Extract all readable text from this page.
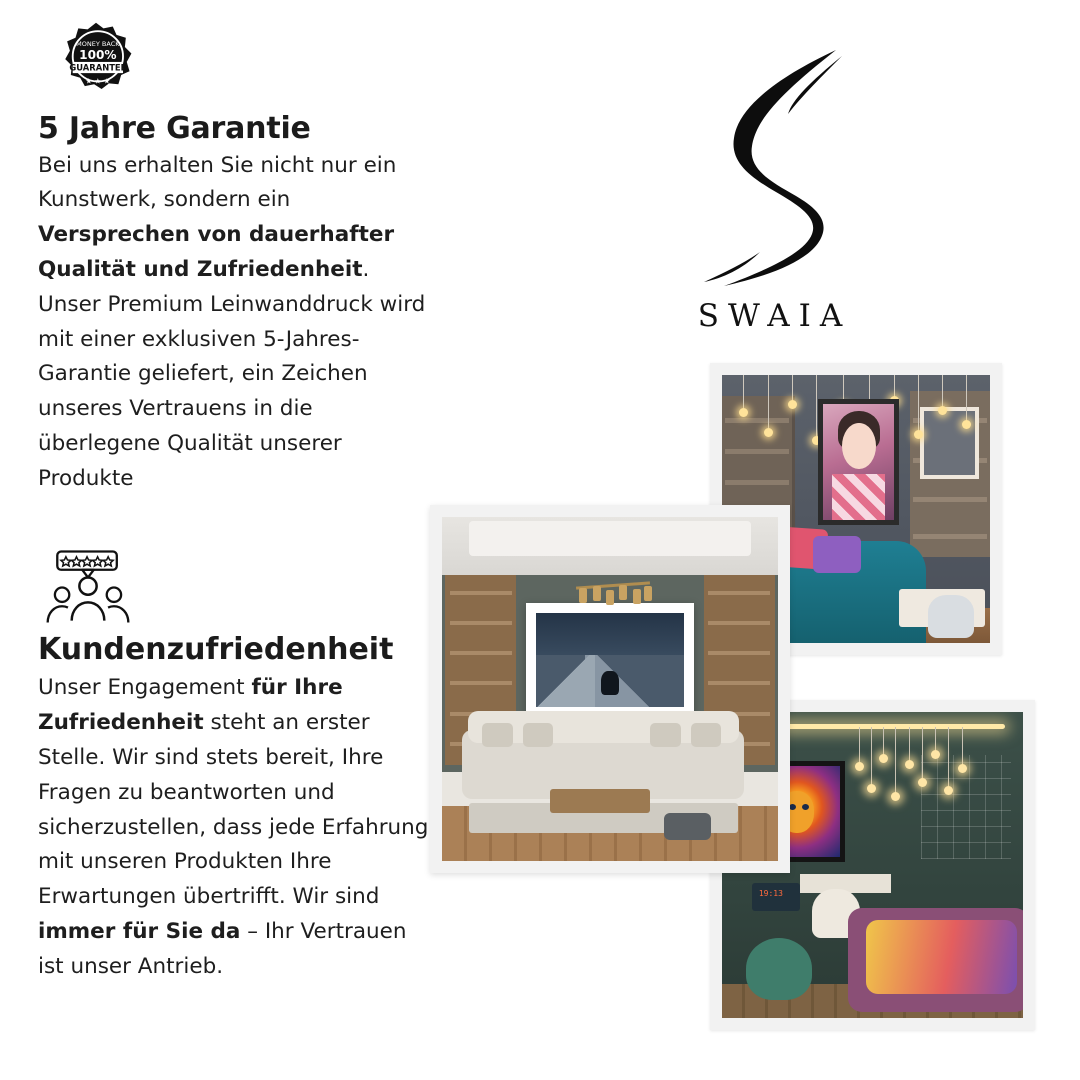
MONEY BACK
100%
GUARANTEE
★ ★ ★
5 Jahre Garantie

Bei uns erhalten Sie nicht nur ein Kunstwerk, sondern ein Versprechen von dauerhafter Qualität und Zufriedenheit. Unser Premium Leinwanddruck wird mit einer exklusiven 5-Jahres-Garantie geliefert, ein Zeichen unseres Vertrauens in die überlegene Qualität unserer Produkte

Kundenzufriedenheit

Unser Engagement für Ihre Zufriedenheit steht an erster Stelle. Wir sind stets bereit, Ihre Fragen zu beantworten und sicherzustellen, dass jede Erfahrung mit unseren Produkten Ihre Erwartungen übertrifft. Wir sind immer für Sie da – Ihr Vertrauen ist unser Antrieb.

SWAIA
19:13
